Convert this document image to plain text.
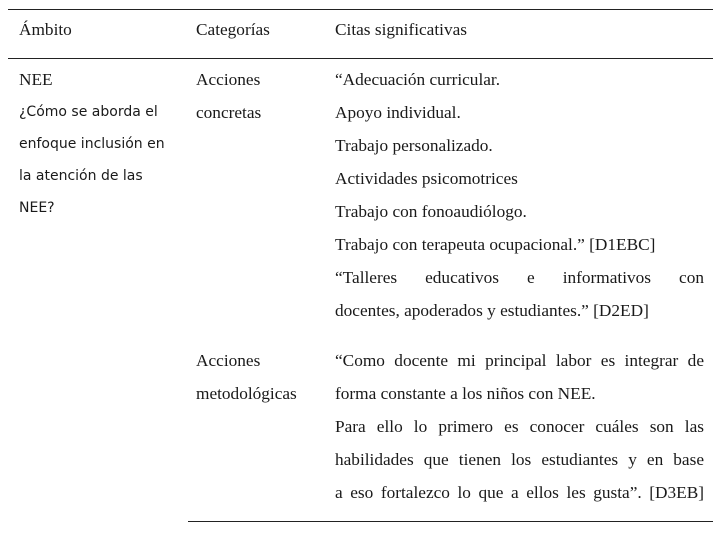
Ámbito	Categorías	Citas significativas

NEE

¿Cómo se aborda el
enfoque inclusión en
la atención de las
NEE?
Acciones
concretas

“Adecuación curricular.

Apoyo individual.

Trabajo personalizado.

Actividades psicomotrices

Trabajo con fonoaudiólogo.

Trabajo con terapeuta ocupacional.” [D1EBC]

“Talleres educativos e informativos con

docentes, apoderados y estudiantes.” [D2ED]

Acciones
metodológicas

“Como docente mi principal labor es integrar de

forma constante a los niños con NEE.

Para ello lo primero es conocer cuáles son las

habilidades que tienen los estudiantes y en base

a eso fortalezco lo que a ellos les gusta”. [D3EB]
